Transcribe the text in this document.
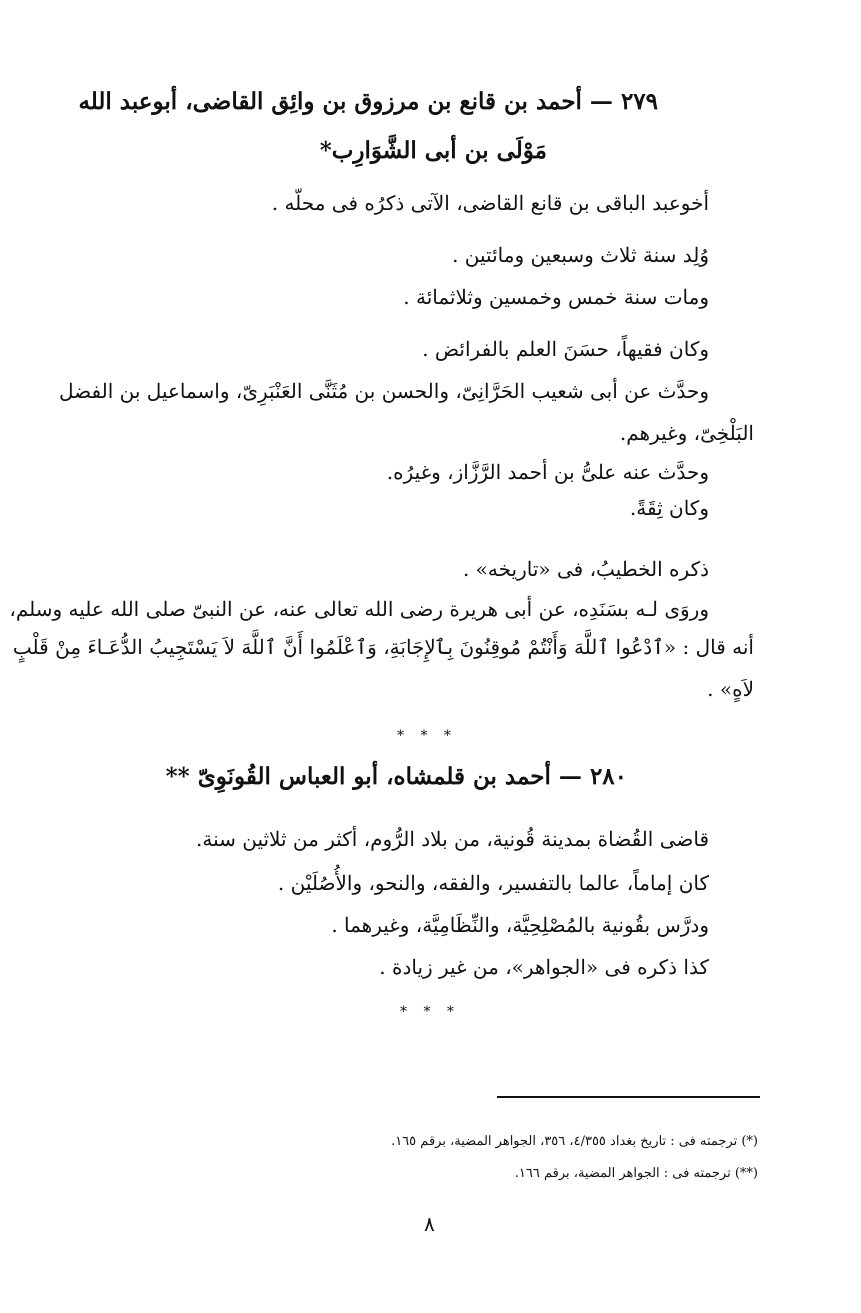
٢٧٩ — أحمد بن قانع بن مرزوق بن وائِق القاضى، أبوعبد الله

مَوْلَى بن أبى الشَّوَارِب*

أخوعبد الباقى بن قانع القاضى، الآتى ذكرُه فى محلّه .

وُلِد سنة ثلاث وسبعين ومائتين .

ومات سنة خمس وخمسين وثلاثمائة .

وكان فقيهاً، حسَنَ العلم بالفرائض .

وحدَّث عن أبى شعيب الحَرَّانِىّ، والحسن بن مُثَنَّى العَنْبَرِىّ، واسماعيل بن الفضل

البَلْخِىّ، وغيرهم.

وحدَّث عنه علىُّ بن أحمد الرَّزَّاز، وغيرُه.

وكان ثِقَةً.

ذكره الخطيبُ، فى «تاريخه» .

وروَى لـه بسَنَدِه، عن أبى هريرة رضى الله تعالى عنه، عن النبىّ صلى الله عليه وسلم،

أنه قال : «ٱدْعُوا ٱللَّهَ وَأَنْتُمْ مُوقِنُونَ بِٱلإِجَابَةِ، وَٱعْلَمُوا أَنَّ ٱللَّهَ لاَ يَسْتَجِيبُ الدُّعَـاءَ مِنْ قَلْبٍ

لاَهٍ» .

* * *

٢٨٠ — أحمد بن قلمشاه، أبو العباس القُونَوِىّ **

قاضى القُضاة بمدينة قُونية، من بلاد الرُّوم، أكثر من ثلاثين سنة.

كان إماماً، عالما بالتفسير، والفقه، والنحو، والأُصُلَيْن .

ودرَّس بقُونية بالمُصْلِحِيَّة، والنِّظَامِيَّة، وغيرهما .

كذا ذكره فى «الجواهر»، من غير زيادة .

* * *

(*) ترجمته فى : تاريخ بغداد ٤/٣٥٥، ٣٥٦، الجواهر المضية، برقم ١٦٥.

(**) ترجمته فى : الجواهر المضية، برقم ١٦٦.

٨
